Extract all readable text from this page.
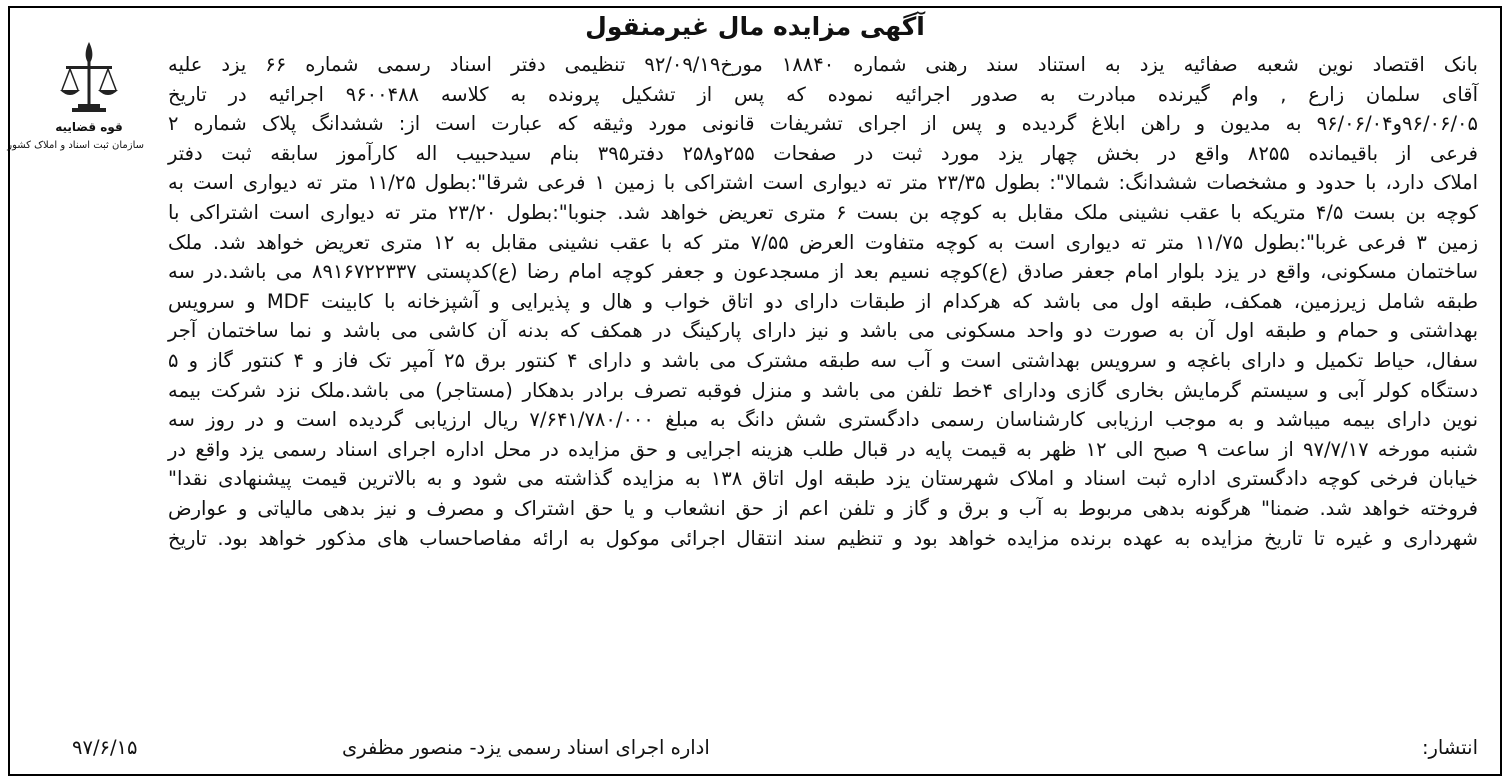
قوه قضاییه
سازمان ثبت اسناد و املاک کشور
آگهی مزایده مال غیرمنقول
بانک اقتصاد نوین شعبه صفائیه یزد به استناد سند رهنی شماره ۱۸۸۴۰ مورخ۹۲/۰۹/۱۹ تنظیمی دفتر اسناد رسمی شماره ۶۶ یزد علیه
آقای سلمان زارع , وام گیرنده مبادرت به صدور اجرائیه نموده که پس از تشکیل پرونده به کلاسه ۹۶۰۰۴۸۸ اجرائیه در تاریخ
۹۶/۰۶/۰۵و۹۶/۰۶/۰۴ به مدیون و راهن ابلاغ گردیده و پس از اجرای تشریفات قانونی مورد وثیقه که عبارت است از: ششدانگ پلاک شماره ۲
فرعی از باقیمانده ۸۲۵۵ واقع در بخش چهار یزد مورد ثبت در صفحات ۲۵۵و۲۵۸ دفتر۳۹۵ بنام سیدحبیب اله کارآموز سابقه ثبت دفتر
املاک دارد، با حدود و مشخصات ششدانگ: شمالا": بطول ۲۳/۳۵ متر ته دیواری است اشتراکی با زمین ۱ فرعی شرقا":بطول ۱۱/۲۵ متر ته دیواری است به
کوچه بن بست ۴/۵ متریکه با عقب نشینی ملک مقابل به کوچه بن بست ۶ متری تعریض خواهد شد. جنوبا":بطول ۲۳/۲۰ متر ته دیواری است اشتراکی با
زمین ۳ فرعی غربا":بطول ۱۱/۷۵ متر ته دیواری است به کوچه متفاوت العرض ۷/۵۵ متر که با عقب نشینی مقابل به ۱۲ متری تعریض خواهد شد. ملک
ساختمان مسکونی، واقع در یزد بلوار امام جعفر صادق (ع)کوچه نسیم بعد از مسجدعون و جعفر کوچه امام رضا (ع)کدپستی ۸۹۱۶۷۲۲۳۳۷ می باشد.در سه
طبقه شامل زیرزمین، همکف، طبقه اول می باشد که هرکدام از طبقات دارای دو اتاق خواب و هال و پذیرایی و آشپزخانه با کابینت MDF و سرویس
بهداشتی و حمام و طبقه اول آن به صورت دو واحد مسکونی می باشد و نیز دارای پارکینگ در همکف که بدنه آن کاشی می باشد و نما ساختمان آجر
سفال، حیاط تکمیل و دارای باغچه و سرویس بهداشتی است و آب سه طبقه مشترک می باشد و دارای ۴ کنتور برق ۲۵ آمپر تک فاز و ۴ کنتور گاز و ۵
دستگاه کولر آبی و سیستم گرمایش بخاری گازی ودارای ۴خط تلفن می باشد و منزل فوقبه تصرف برادر بدهکار (مستاجر) می باشد.ملک نزد شرکت بیمه
نوین دارای بیمه میباشد و به موجب ارزیابی کارشناسان رسمی دادگستری شش دانگ به مبلغ ۷/۶۴۱/۷۸۰/۰۰۰ ریال ارزیابی گردیده است و در روز سه
شنبه مورخه ۹۷/۷/۱۷ از ساعت ۹ صبح الی ۱۲ ظهر به قیمت پایه در قبال طلب هزینه اجرایی و حق مزایده در محل اداره اجرای اسناد رسمی یزد واقع در
خیابان فرخی کوچه دادگستری اداره ثبت اسناد و املاک شهرستان یزد طبقه اول اتاق ۱۳۸ به مزایده گذاشته می شود و به بالاترین قیمت پیشنهادی نقدا"
فروخته خواهد شد. ضمنا" هرگونه بدهی مربوط به آب و برق و گاز و تلفن اعم از حق انشعاب و یا حق اشتراک و مصرف و نیز بدهی مالیاتی و عوارض
شهرداری و غیره تا تاریخ مزایده به عهده برنده مزایده خواهد بود و تنظیم سند انتقال اجرائی موکول به ارائه مفاصاحساب های مذکور خواهد بود. تاریخ
انتشار:
۹۷/۶/۱۵	اداره اجرای اسناد رسمی یزد- منصور مظفری
